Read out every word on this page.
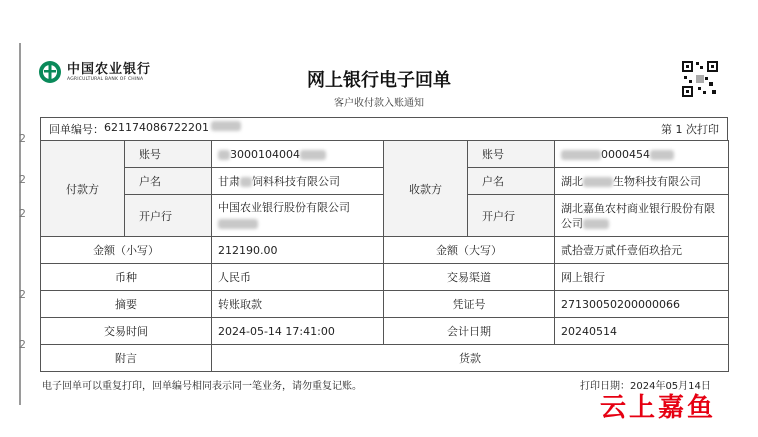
2
2
2
2
2
中国农业银行
AGRICULTURAL BANK OF CHINA	网上银行电子回单
客户收付款入账通知
回单编号： 621174086722201	第 1 次打印
付款方	账号	3000104004	收款方	账号	0000454
	户名	甘肃 饲料科技有限公司		户名	湖北 生物科技有限公司
	开户行	中国农业银行股份有限公司		开户行	湖北嘉鱼农村商业银行股份有限
公司
金额（小写）		212190.00	金额（大写）		贰拾壹万贰仟壹佰玖拾元
币种		人民币	交易渠道		网上银行
摘要		转账取款	凭证号		27130050200000066
交易时间		2024-05-14 17:41:00	会计日期		20240514
附言		货款			
电子回单可以重复打印，回单编号相同表示同一笔业务，请勿重复记账。	打印日期：2024年05月14日
云上嘉鱼
